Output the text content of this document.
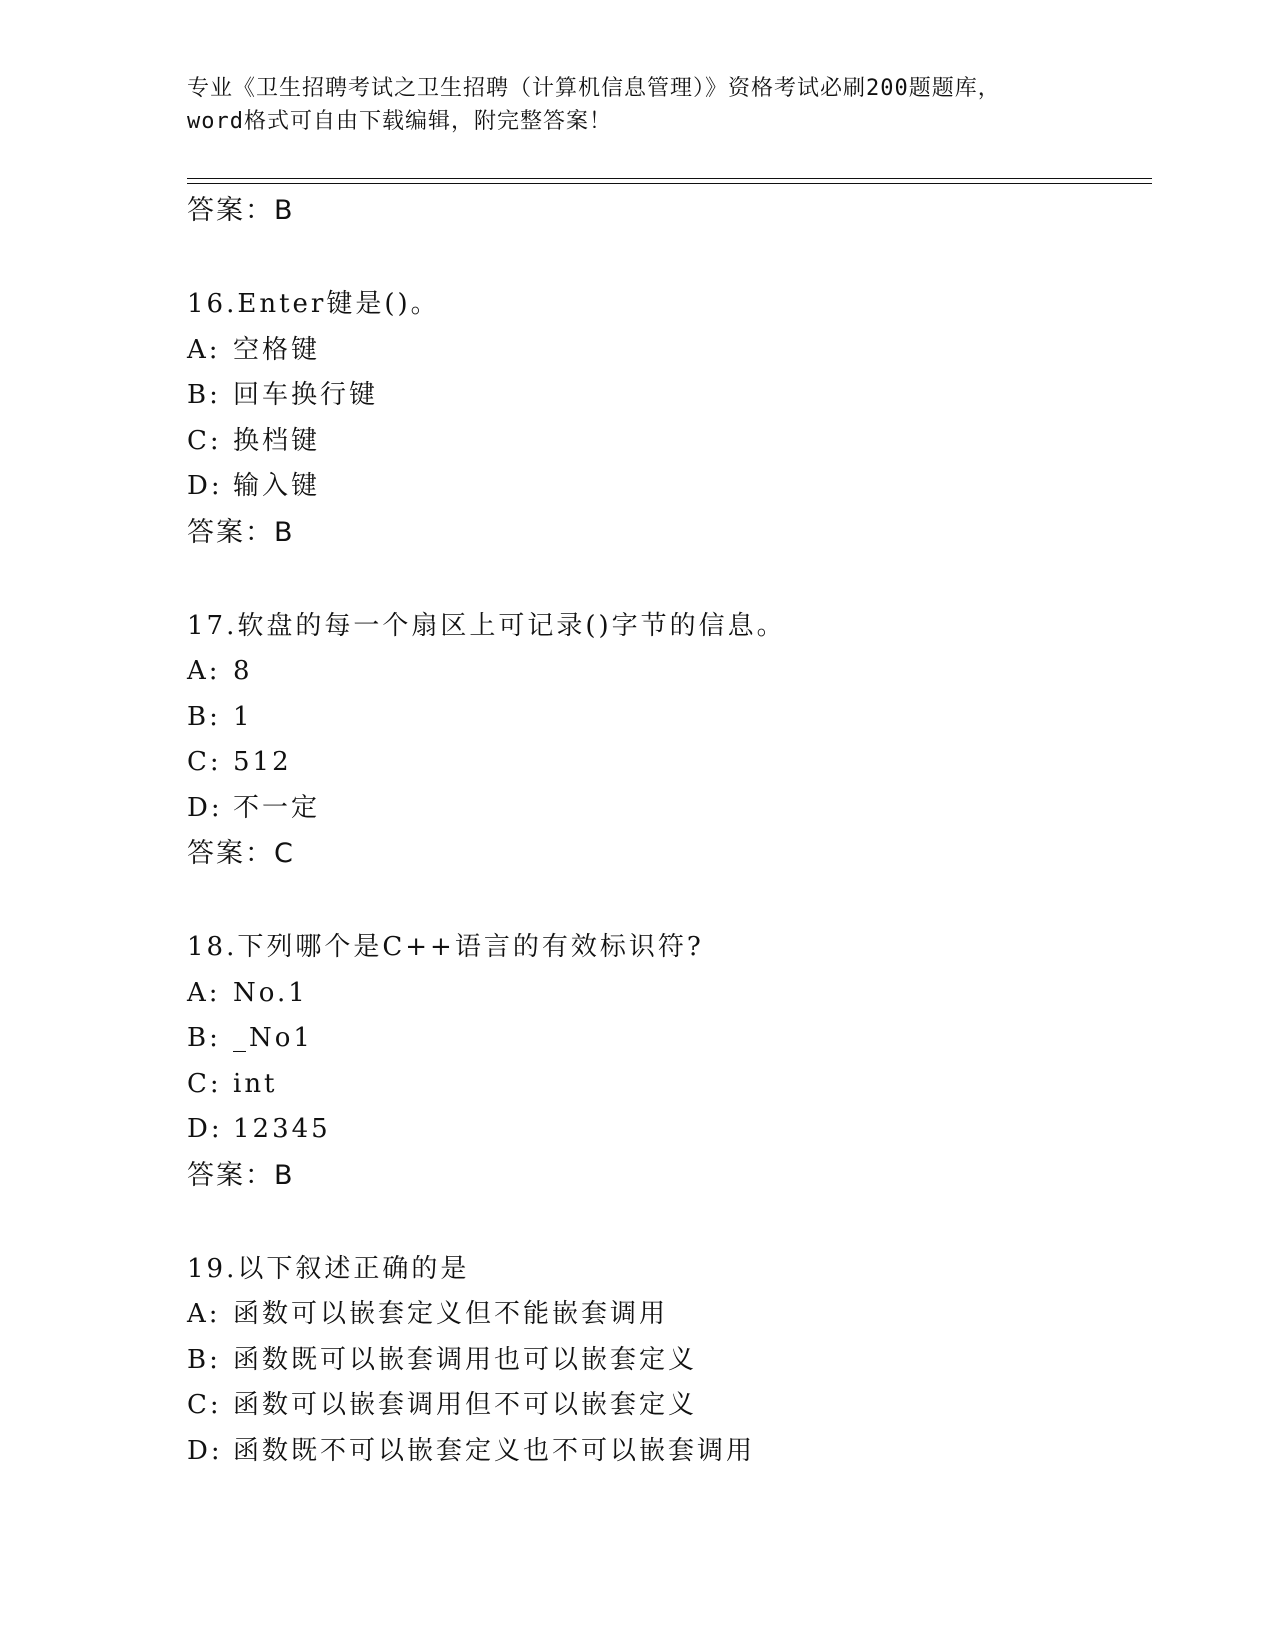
专业《卫生招聘考试之卫生招聘（计算机信息管理）》资格考试必刷200题题库，
word格式可自由下载编辑，附完整答案！
答案：B
16.Enter键是()。
A: 空格键
B: 回车换行键
C: 换档键
D: 输入键
答案：B
17.软盘的每一个扇区上可记录()字节的信息。
A: 8
B: 1
C: 512
D: 不一定
答案：C
18.下列哪个是C++语言的有效标识符?
A: No.1
B: _No1
C: int
D: 12345
答案：B
19.以下叙述正确的是
A: 函数可以嵌套定义但不能嵌套调用
B: 函数既可以嵌套调用也可以嵌套定义
C: 函数可以嵌套调用但不可以嵌套定义
D: 函数既不可以嵌套定义也不可以嵌套调用
